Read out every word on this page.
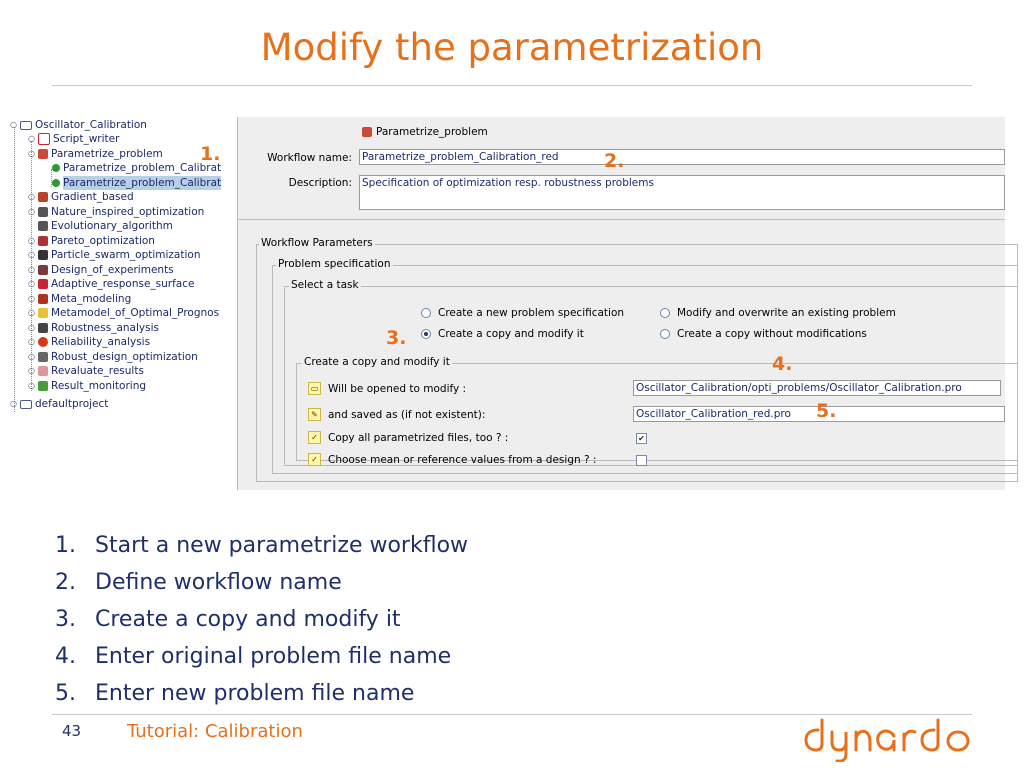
Modify the parametrization
○ Oscillator_Calibration
○ Script_writer
○ Parametrize_problem
Parametrize_problem_Calibrat
Parametrize_problem_Calibrat
○ Gradient_based
○ Nature_inspired_optimization
Evolutionary_algorithm
○ Pareto_optimization
○ Particle_swarm_optimization
○ Design_of_experiments
○ Adaptive_response_surface
○ Meta_modeling
○ Metamodel_of_Optimal_Prognos
○ Robustness_analysis
○ Reliability_analysis
○ Robust_design_optimization
○ Revaluate_results
○ Result_monitoring
○ defaultproject
Parametrize_problem
Workflow name: Parametrize_problem_Calibration_red
Description: Specification of optimization resp. robustness problems
Workflow Parameters
Problem specification
Select a task
Create a new problem specification	Modify and overwrite an existing problem
Create a copy and modify it	Create a copy without modifications
Create a copy and modify it
▭ Will be opened to modify :	Oscillator_Calibration/opti_problems/Oscillator_Calibration.pro
✎ and saved as (if not existent):	Oscillator_Calibration_red.pro
✓ Copy all parametrized files, too ? :	✔
✓ Choose mean or reference values from a design ? :
1.	2.
3.
4.
5.
1. Start a new parametrize workflow
2. Define workflow name
3. Create a copy and modify it
4. Enter original problem file name
5. Enter new problem file name
43	Tutorial: Calibration
